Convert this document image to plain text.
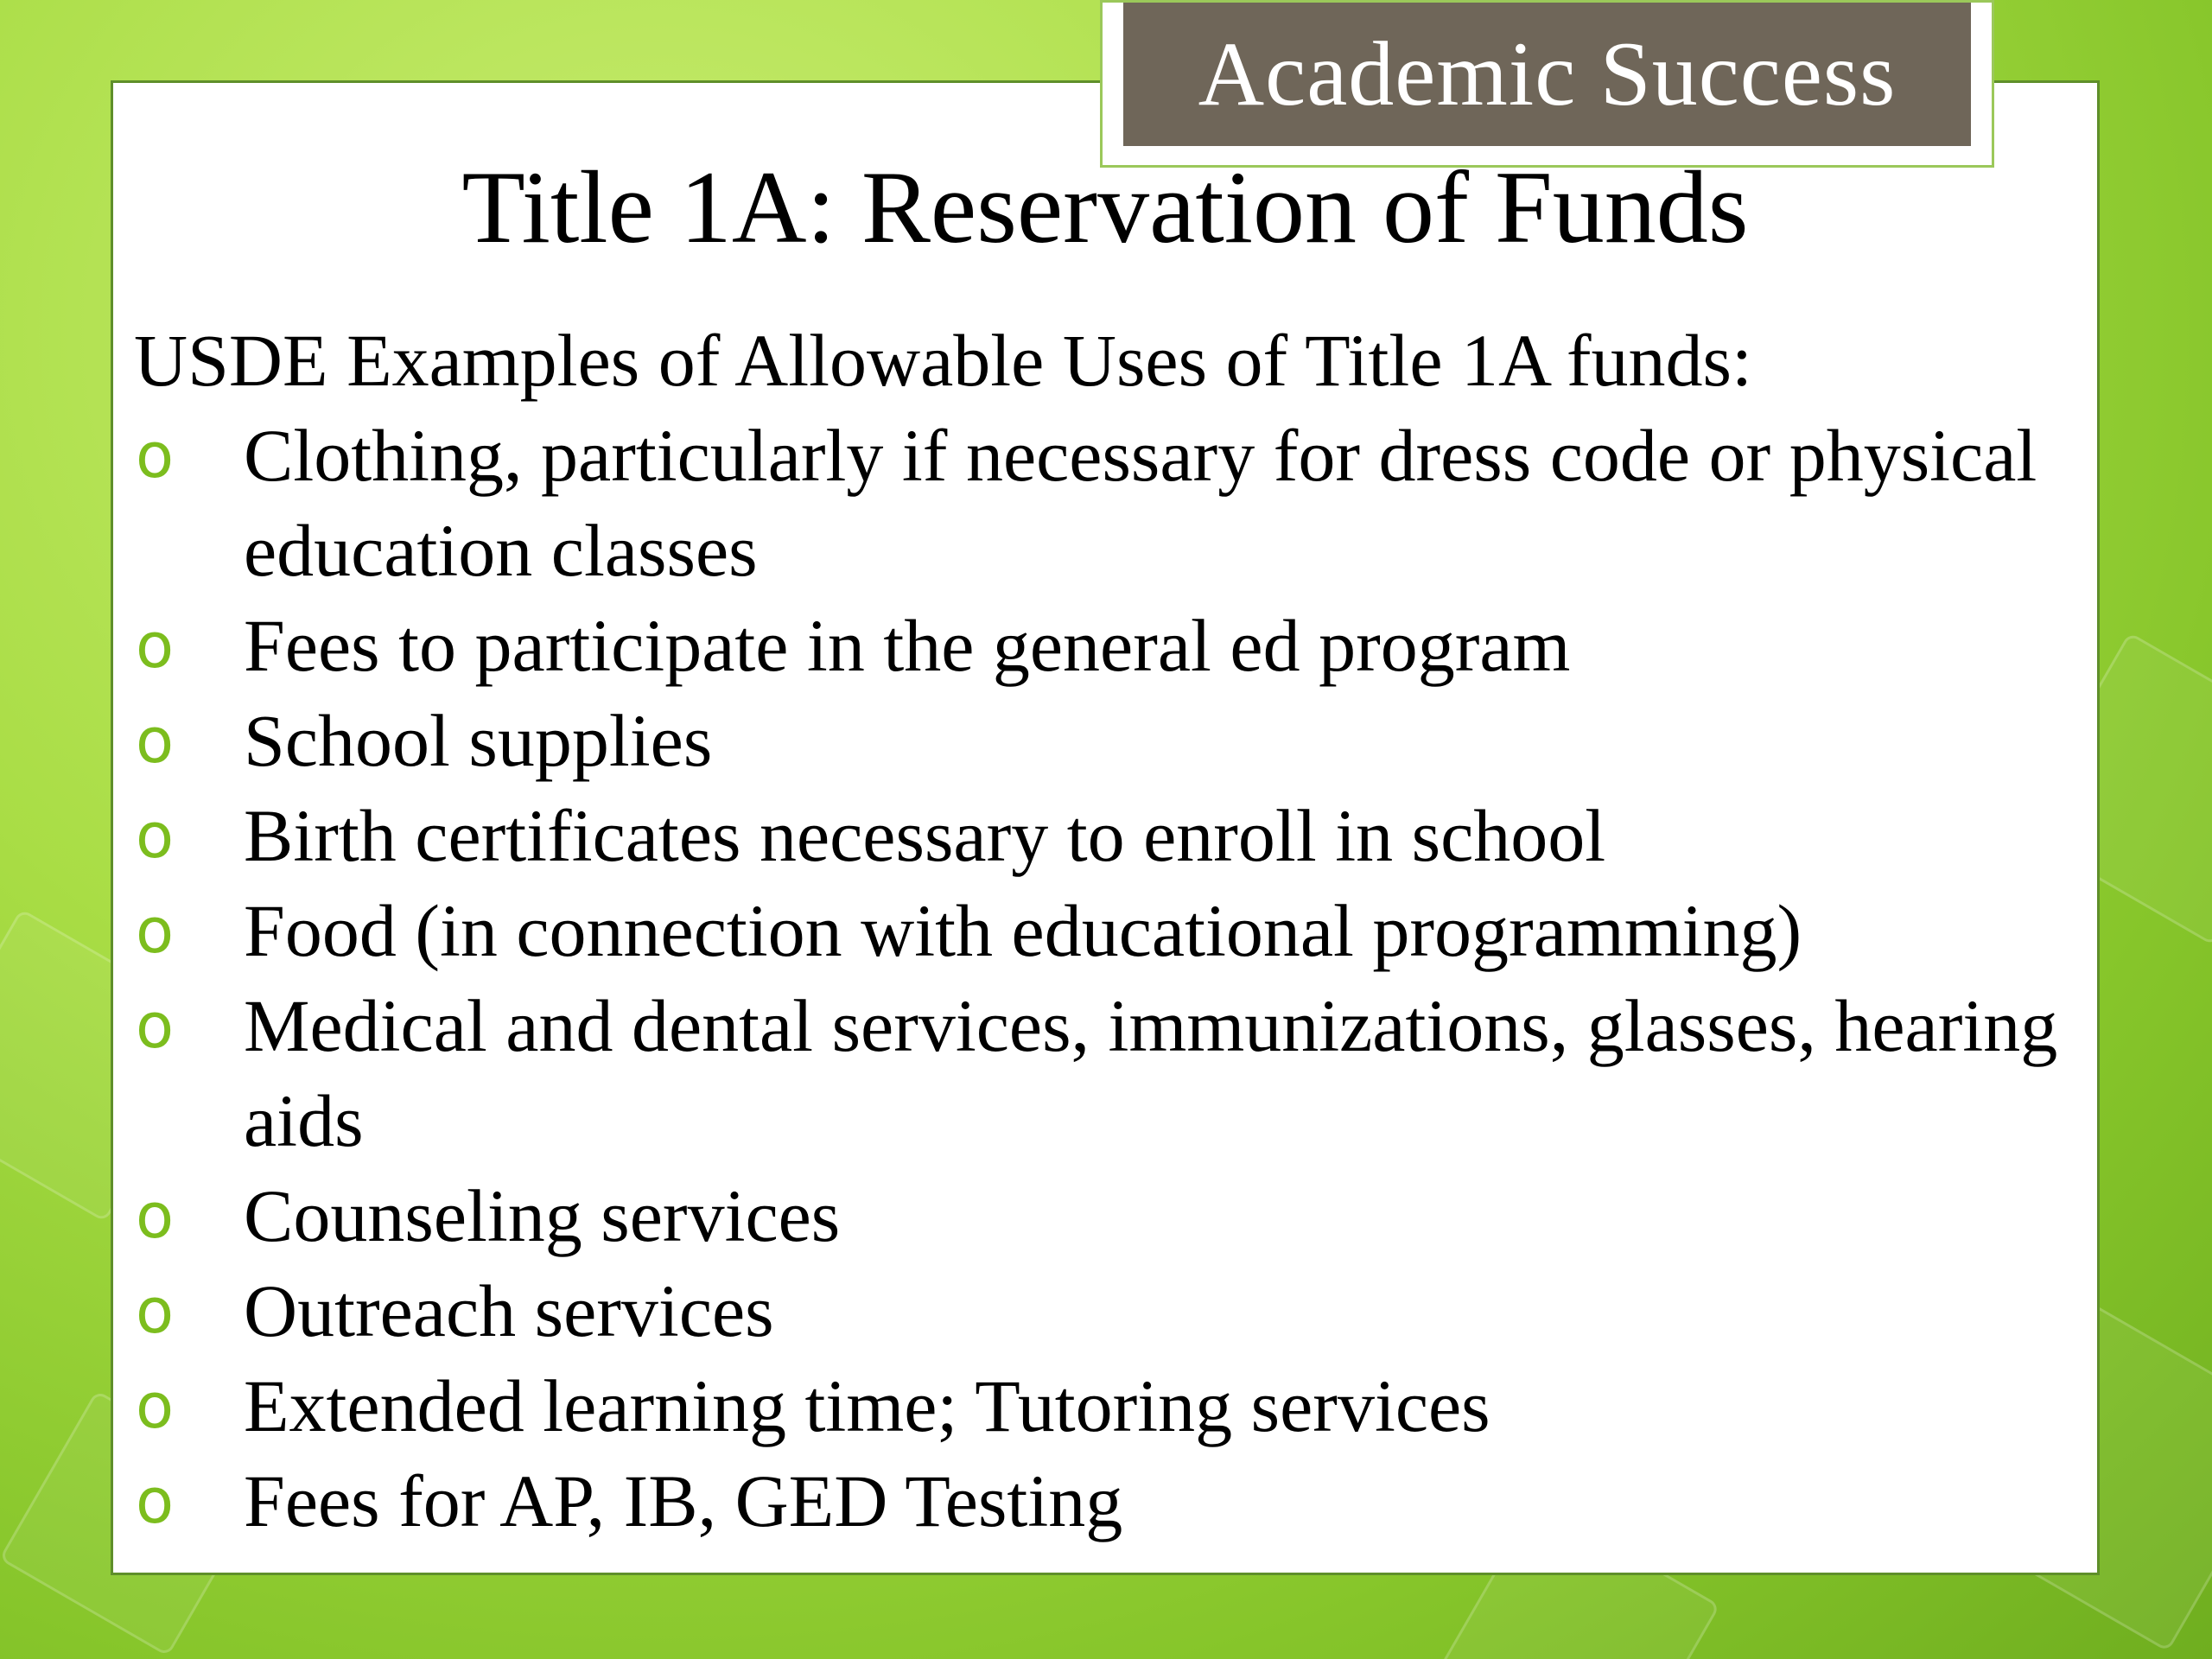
Academic Success
Title 1A: Reservation of Funds
USDE Examples of Allowable Uses of Title 1A funds:
o Clothing, particularly if necessary for dress code or physical education classes
o Fees to participate in the general ed program
o School supplies
o Birth certificates necessary to enroll in school
o Food (in connection with educational programming)
o Medical and dental services, immunizations, glasses, hearing aids
o Counseling services
o Outreach services
o Extended learning time; Tutoring services
o Fees for AP, IB, GED Testing
